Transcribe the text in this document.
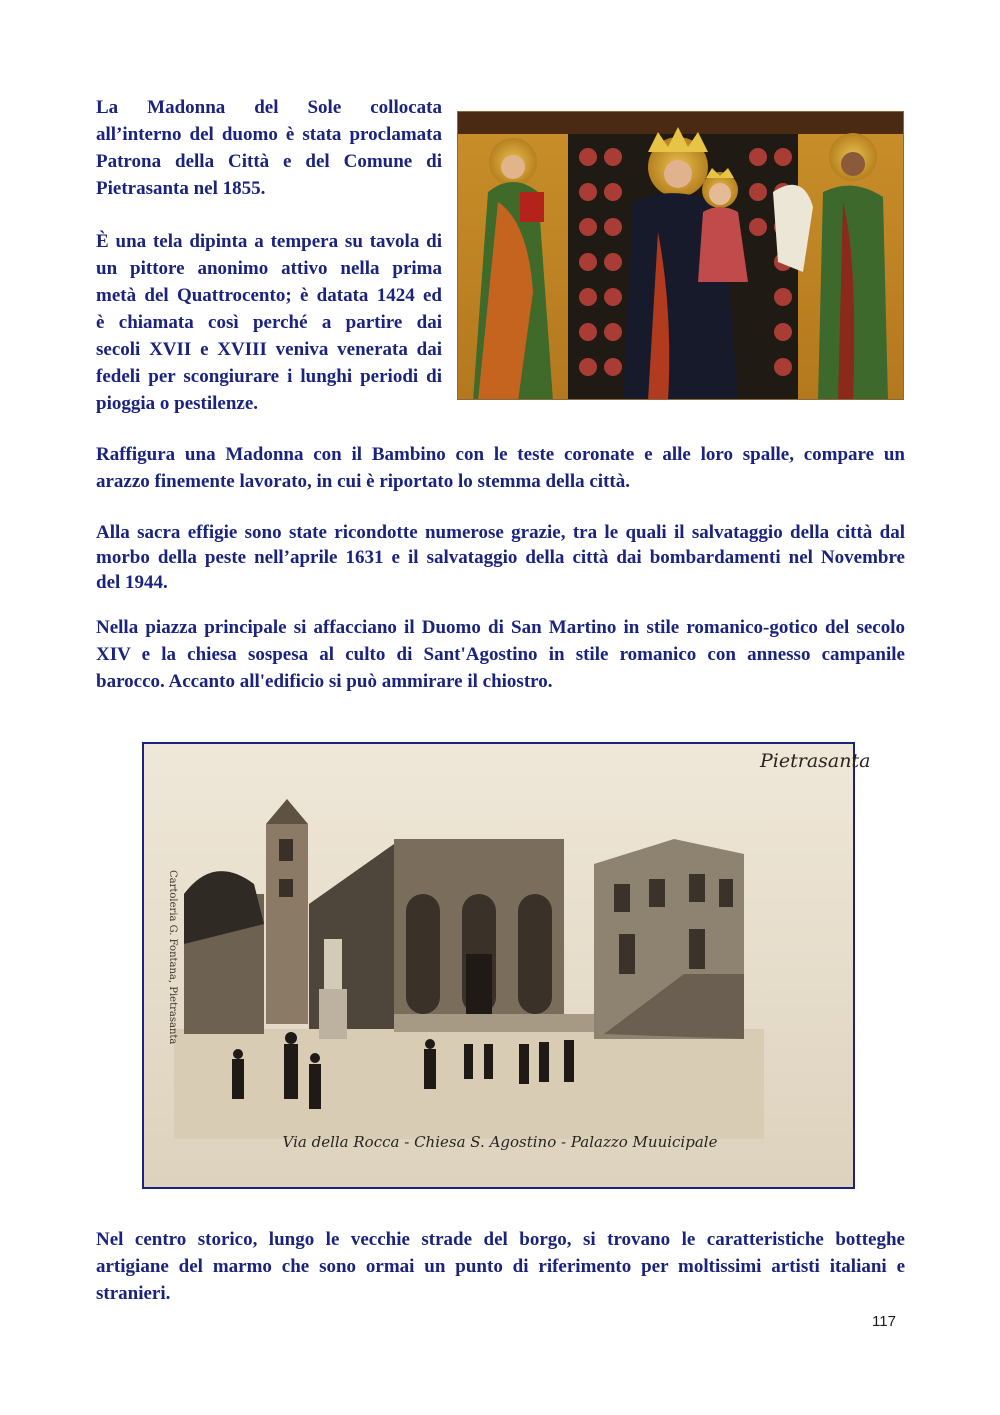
La Madonna del Sole collocata
all’interno del duomo è stata proclamata
Patrona della Città e del Comune di
Pietrasanta nel 1855.
È una tela dipinta a tempera su tavola di
un pittore anonimo attivo nella prima
metà del Quattrocento; è datata 1424 ed
è chiamata così perché a partire dai
secoli XVII e XVIII veniva venerata dai
fedeli per scongiurare i lunghi periodi di
pioggia o pestilenze.
Raffigura una Madonna con il Bambino con le teste coronate e alle loro spalle, compare un
arazzo finemente lavorato, in cui è riportato lo stemma della città.
Alla sacra effigie sono state ricondotte numerose grazie, tra le quali il salvataggio della città dal
morbo della peste nell’aprile 1631 e il salvataggio della città dai bombardamenti nel Novembre
del 1944.
Nella piazza principale si affacciano il Duomo di San Martino in stile romanico-gotico del secolo
XIV e la chiesa sospesa al culto di Sant'Agostino in stile romanico con annesso campanile
barocco. Accanto all'edificio si può ammirare il chiostro.
Pietrasanta
Cartoleria G. Fontana, Pietrasanta
Via della Rocca - Chiesa S. Agostino - Palazzo Muuicipale
Nel centro storico, lungo le vecchie strade del borgo, si trovano le caratteristiche botteghe
artigiane del marmo che sono ormai un punto di riferimento per moltissimi artisti italiani e
stranieri.
117
